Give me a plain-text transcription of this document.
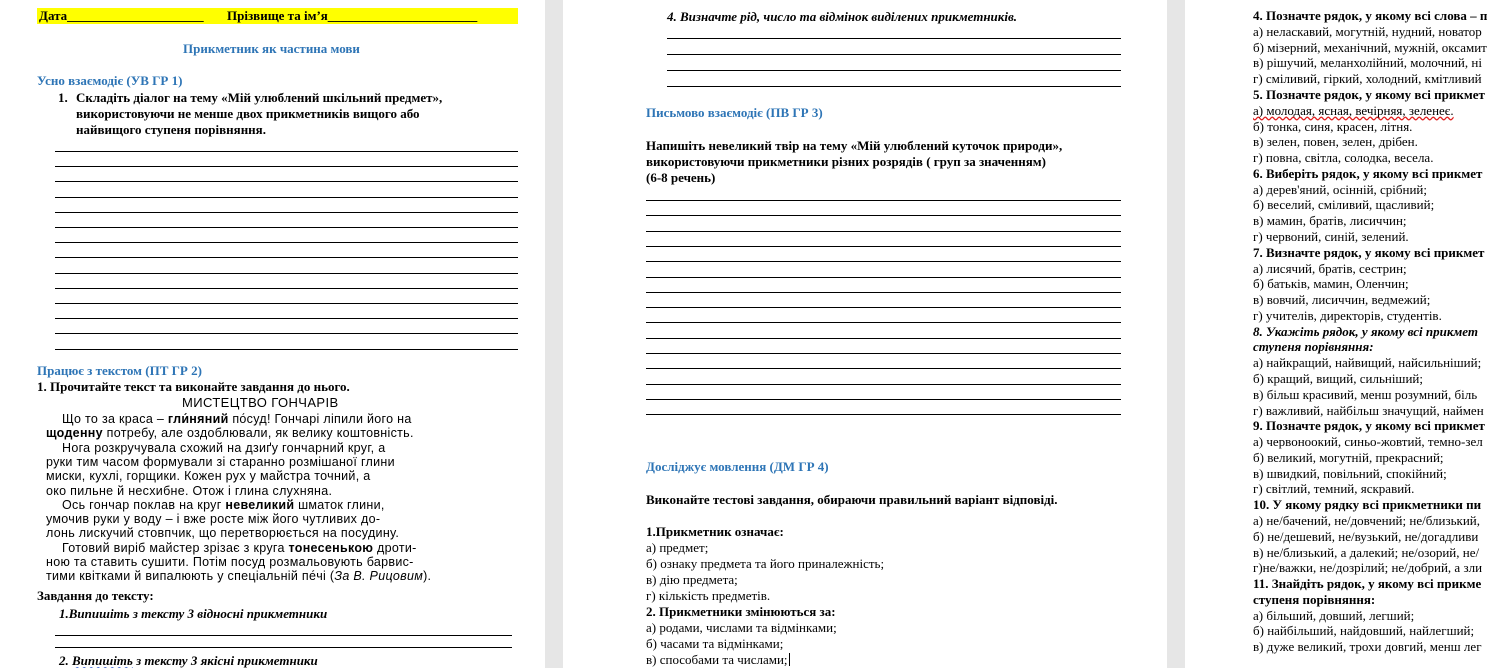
Дата_____________________ Прізвище та ім’я_______________________
Прикметник як частина мови
Усно взаємодіє (УВ ГР 1)
1. Складіть діалог на тему «Мій улюблений шкільний предмет»,
використовуючи не менше двох прикметників вищого або
найвищого ступеня порівняння.
Працює з текстом (ПТ ГР 2)
1. Прочитайте текст та виконайте завдання до нього.
МИСТЕЦТВО ГОНЧАРІВ
Що то за краса – гли́няний по́суд! Гончарі ліпили його на
щоденну потребу, але оздоблювали, як велику коштовність.
Нога розкручувала схожий на дзиґу гончарний круг, а
руки тим часом формували зі старанно розмішаної глини
миски, кухлі, горщики. Кожен рух у майстра точний, а
око пильне й несхибне. Отож і глина слухняна.
Ось гончар поклав на круг невеликий шматок глини,
умочив руки у воду – і вже росте між його чутливих до-
лонь лискучий стовпчик, що перетворюється на посудину.
Готовий виріб майстер зрізає з круга тонесенькою дроти-
ною та ставить сушити. Потім посуд розмальовують барвис-
тими квітками й випалюють у спеціальній пе́чі (За В. Рицовим).
Завдання до тексту:
1.Випишіть з тексту 3 відносні прикметники
2. Випишіть з тексту 3 якісні прикметники
4. Визначте рід, число та відмінок виділених прикметників.
Письмово взаємодіє (ПВ ГР 3)
Напишіть невеликий твір на тему «Мій улюблений куточок природи»,
використовуючи прикметники різних розрядів ( груп за значенням)
(6-8 речень)
Досліджує мовлення (ДМ ГР 4)
Виконайте тестові завдання, обираючи правильний варіант відповіді.
1.Прикметник означає:
а) предмет;
б) ознаку предмета та його приналежність;
в) дію предмета;
г) кількість предметів.
2. Прикметники змінюються за:
а) родами, числами та відмінками;
б) часами та відмінками;
в) способами та числами;
4. Позначте рядок, у якому всі слова – п
а) неласкавий, могутній, нудний, новатор
б) мізерний, механічний, мужній, оксамит
в) рішучий, меланхолійний, молочний, ні
г) сміливий, гіркий, холодний, кмітливий
5. Позначте рядок, у якому всі прикмет
а) молодая, ясная, вечірняя, зеленеє.
б) тонка, синя, красен, літня.
в) зелен, повен, зелен, дрібен.
г) повна, світла, солодка, весела.
6. Виберіть рядок, у якому всі прикмет
а) дерев'яний, осінній, срібний;
б) веселий, сміливий, щасливий;
в) мамин, братів, лисиччин;
г) червоний, синій, зелений.
7. Визначте рядок, у якому всі прикмет
а) лисячий, братів, сестрин;
б) батьків, мамин, Оленчин;
в) вовчий, лисиччин, ведмежий;
г) учителів, директорів, студентів.
8. Укажіть рядок, у якому всі прикмет
ступеня порівняння:
а) найкращий, найвищий, найсильніший;
б) кращий, вищий, сильніший;
в) більш красивий, менш розумний, біль
г) важливий, найбільш значущий, наймен
9. Позначте рядок, у якому всі прикмет
а) червоноокий, синьо-жовтий, темно-зел
б) великий, могутній, прекрасний;
в) швидкий, повільний, спокійний;
г) світлий, темний, яскравий.
10. У якому рядку всі прикметники пи
а) не/бачений, не/довчений; не/близький,
б) не/дешевий, не/вузький, не/догадливи
в) не/близький, а далекий; не/озорий, не/
г)не/важки, не/дозрілий; не/добрий, а зли
11. Знайдіть рядок, у якому всі прикме
ступеня порівняння:
а) більший, довший, легший;
б) найбільший, найдовший, найлегший;
в) дуже великий, трохи довгий, менш лег
